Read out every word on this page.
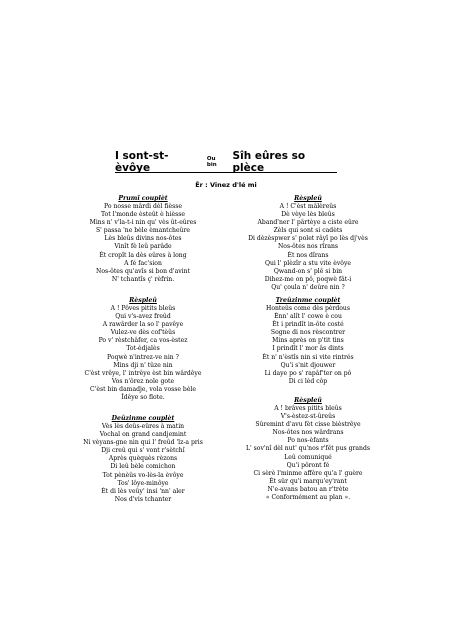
I sont-st-èvôye
Ou bin
Sîh eûres so plèce
Êr : Vinez d'lé mi
Prumî couplèt
Po nosse mârdi dèl fièsse
Tot l'monde èsteût è hièsse
Mins n' v'la-t-i nin qu' vès ût-eûres
S' passa 'ne bèle èmantcheûre
Lès bleûs divins nos-ôtes
Vinît fè leû parâde
Èt cropît la dès eûres à long
A fé fac'sion
Nos-ôtes qu'avîs si bon d'avint
N' tchantîs ç' rèfrin.
Rèspleû
A ! Pôves pitits bleûs
Qui v's-avez freûd
A rawârder la so l' pavêye
Vulez-ve dès cof'tèûs
Po v' rèstchâfer, ca vos-èstez
Tot-èdjalès
Poqwè n'intrez-ve nin ?
Mins dji n' tûze nin
C'èst vrêye, l' intrêye èst bin wârdêye
Vos n'ôrez nole gote
C'èst bin damadje, vola vosse bèle
Îdêye so flote.
Deûzinme couplèt
Vès lès deûs-eûres à matin
Vochal on grand candjemint
Ni vèyans-gne nin qui l' freûd 'lz-a pris
Dji creû qui s' vont r'sètchî
Après quèquès rèzons
Di leû bèle comichon
Tot pènèûs vo-lès-la èvôye
Tos' lôye-minôye
Èt di lès veûy' insi 'nn' aler
Nos d'vis tchanter
Rèspleû
A ! C'èst mâlèreûs
Dè vèye lès bleûs
Aband'ner l' pârtèye a ciste eûre
Zèls qui sont si cadèts
Di dèzèspwer s' polet râyî po lès dj'vès
Nos-ôtes nos rîrans
Èt nos dîrans
Qui l' plèzîr a stu vite èvôye
Qwand-on s' plê si bin
Dihez-me on pô, poqwè fât-i
Qu' çoula n' deûre nin ?
Treûzinme couplèt
Honteûs come dès pèrdous
Ènn' alît l' cowe è cou
Èt i prindît in-ôte costé
Sogne di nos rèscontrer
Mins après on p'tit tins
I prindît l' mor âs dints
Èt n' n'èstîs nin si vite rintrés
Qu'i s'nit djouwer
Li daye po s' rapâf'ter on pô
Di ci lèd côp
Rèspleû
A ! brâves pitits bleûs
V's-èstez-st-ûreûs
Sûremint d'avu fèt cisse bièstrêye
Nos-ôtes nos wârdrans
Po nos-èfants
L' sov'nî dèl nut' qu'nos r'fêt pus grands
Leû comuniqué
Qu'i pôront fé
Ci sèrè l'minme affère qu'a l' guère
Èt sûr qu'i marqu'ey'rant
N'e-avans batou an r'trète
« Conformément au plan ».
